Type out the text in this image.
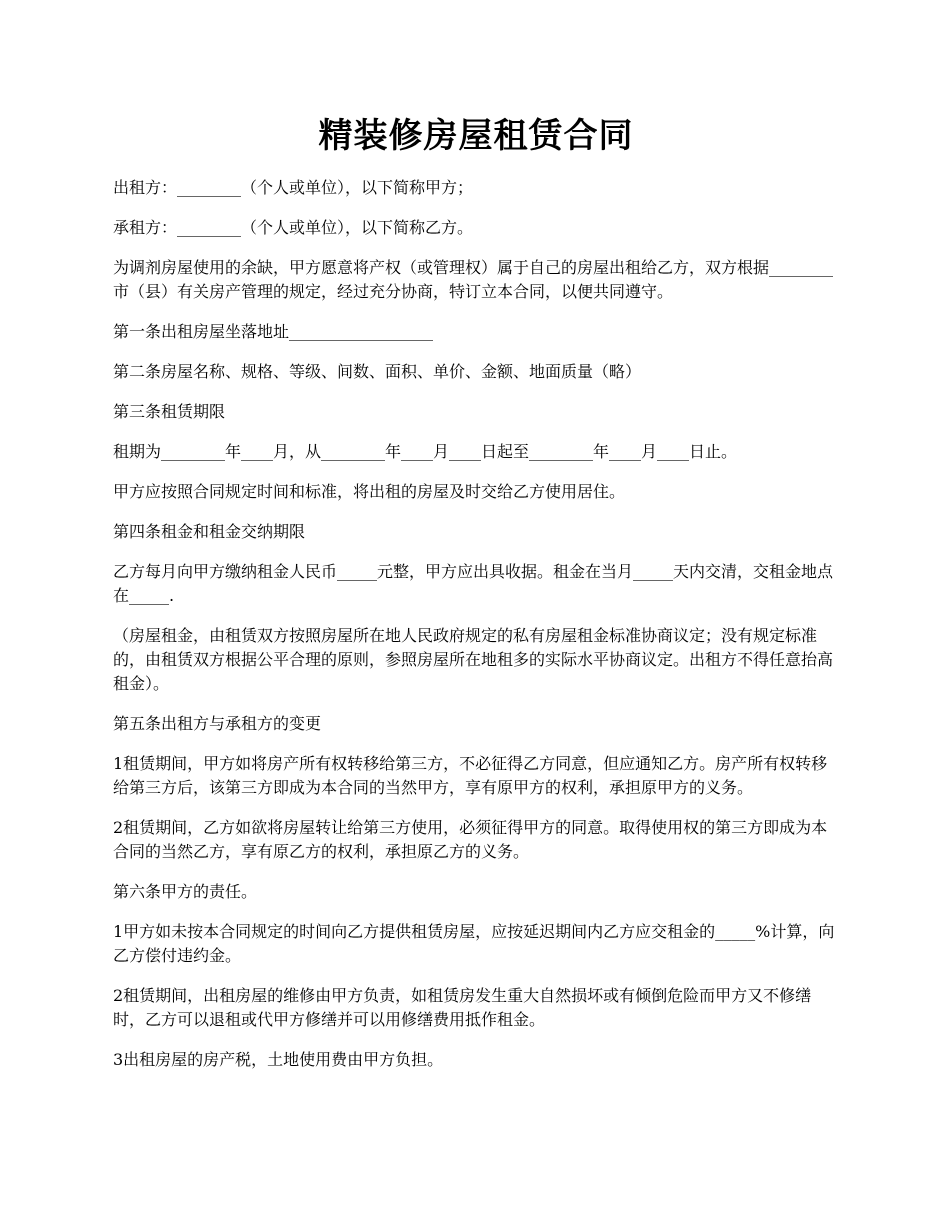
精装修房屋租赁合同

出租方：________（个人或单位），以下简称甲方；

承租方：________（个人或单位），以下简称乙方。

为调剂房屋使用的余缺，甲方愿意将产权（或管理权）属于自己的房屋出租给乙方，双方根据________市（县）有关房产管理的规定，经过充分协商，特订立本合同，以便共同遵守。

第一条出租房屋坐落地址__________________

第二条房屋名称、规格、等级、间数、面积、单价、金额、地面质量（略）

第三条租赁期限

租期为________年____月，从________年____月____日起至________年____月____日止。

甲方应按照合同规定时间和标准，将出租的房屋及时交给乙方使用居住。

第四条租金和租金交纳期限

乙方每月向甲方缴纳租金人民币_____元整，甲方应出具收据。租金在当月_____天内交清，交租金地点在_____.

（房屋租金，由租赁双方按照房屋所在地人民政府规定的私有房屋租金标准协商议定；没有规定标准的，由租赁双方根据公平合理的原则，参照房屋所在地租多的实际水平协商议定。出租方不得任意抬高租金）。

第五条出租方与承租方的变更

1租赁期间，甲方如将房产所有权转移给第三方，不必征得乙方同意，但应通知乙方。房产所有权转移给第三方后，该第三方即成为本合同的当然甲方，享有原甲方的权利，承担原甲方的义务。

2租赁期间，乙方如欲将房屋转让给第三方使用，必须征得甲方的同意。取得使用权的第三方即成为本合同的当然乙方，享有原乙方的权利，承担原乙方的义务。

第六条甲方的责任。

1甲方如未按本合同规定的时间向乙方提供租赁房屋，应按延迟期间内乙方应交租金的_____%计算，向乙方偿付违约金。

2租赁期间，出租房屋的维修由甲方负责，如租赁房发生重大自然损坏或有倾倒危险而甲方又不修缮时，乙方可以退租或代甲方修缮并可以用修缮费用抵作租金。

3出租房屋的房产税，土地使用费由甲方负担。
